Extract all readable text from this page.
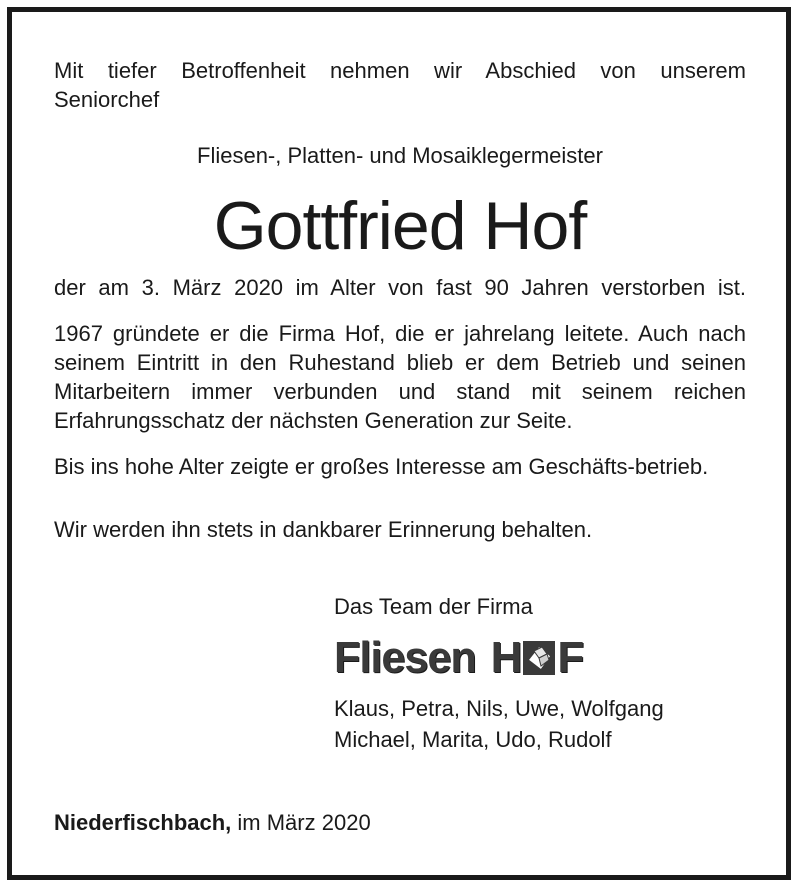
Mit tiefer Betroffenheit nehmen wir Abschied von unserem Seniorchef
Fliesen-, Platten- und Mosaiklegermeister
Gottfried Hof
der am 3. März 2020 im Alter von fast 90 Jahren verstorben ist.
1967 gründete er die Firma Hof, die er jahrelang leitete. Auch nach seinem Eintritt in den Ruhestand blieb er dem Betrieb und seinen Mitarbeitern immer verbunden und stand mit seinem reichen Erfahrungsschatz der nächsten Generation zur Seite.
Bis ins hohe Alter zeigte er großes Interesse am Geschäfts-betrieb.
Wir werden ihn stets in dankbarer Erinnerung behalten.
Das Team der Firma
Fliesen H F
Klaus, Petra, Nils, Uwe, Wolfgang
Michael, Marita, Udo, Rudolf
Niederfischbach, im März 2020
